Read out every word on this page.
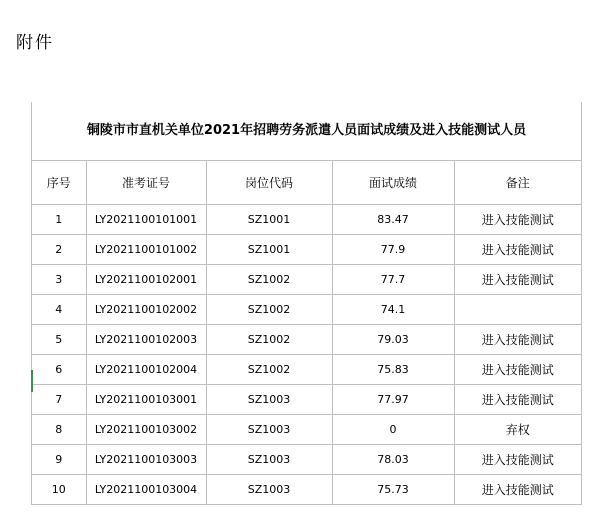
附件
铜陵市市直机关单位2021年招聘劳务派遣人员面试成绩及进入技能测试人员
序号	准考证号	岗位代码	面试成绩	备注
1	LY2021100101001	SZ1001	83.47	进入技能测试
2	LY2021100101002	SZ1001	77.9	进入技能测试
3	LY2021100102001	SZ1002	77.7	进入技能测试
4	LY2021100102002	SZ1002	74.1	
5	LY2021100102003	SZ1002	79.03	进入技能测试
6	LY2021100102004	SZ1002	75.83	进入技能测试
7	LY2021100103001	SZ1003	77.97	进入技能测试
8	LY2021100103002	SZ1003	0	弃权
9	LY2021100103003	SZ1003	78.03	进入技能测试
10	LY2021100103004	SZ1003	75.73	进入技能测试
